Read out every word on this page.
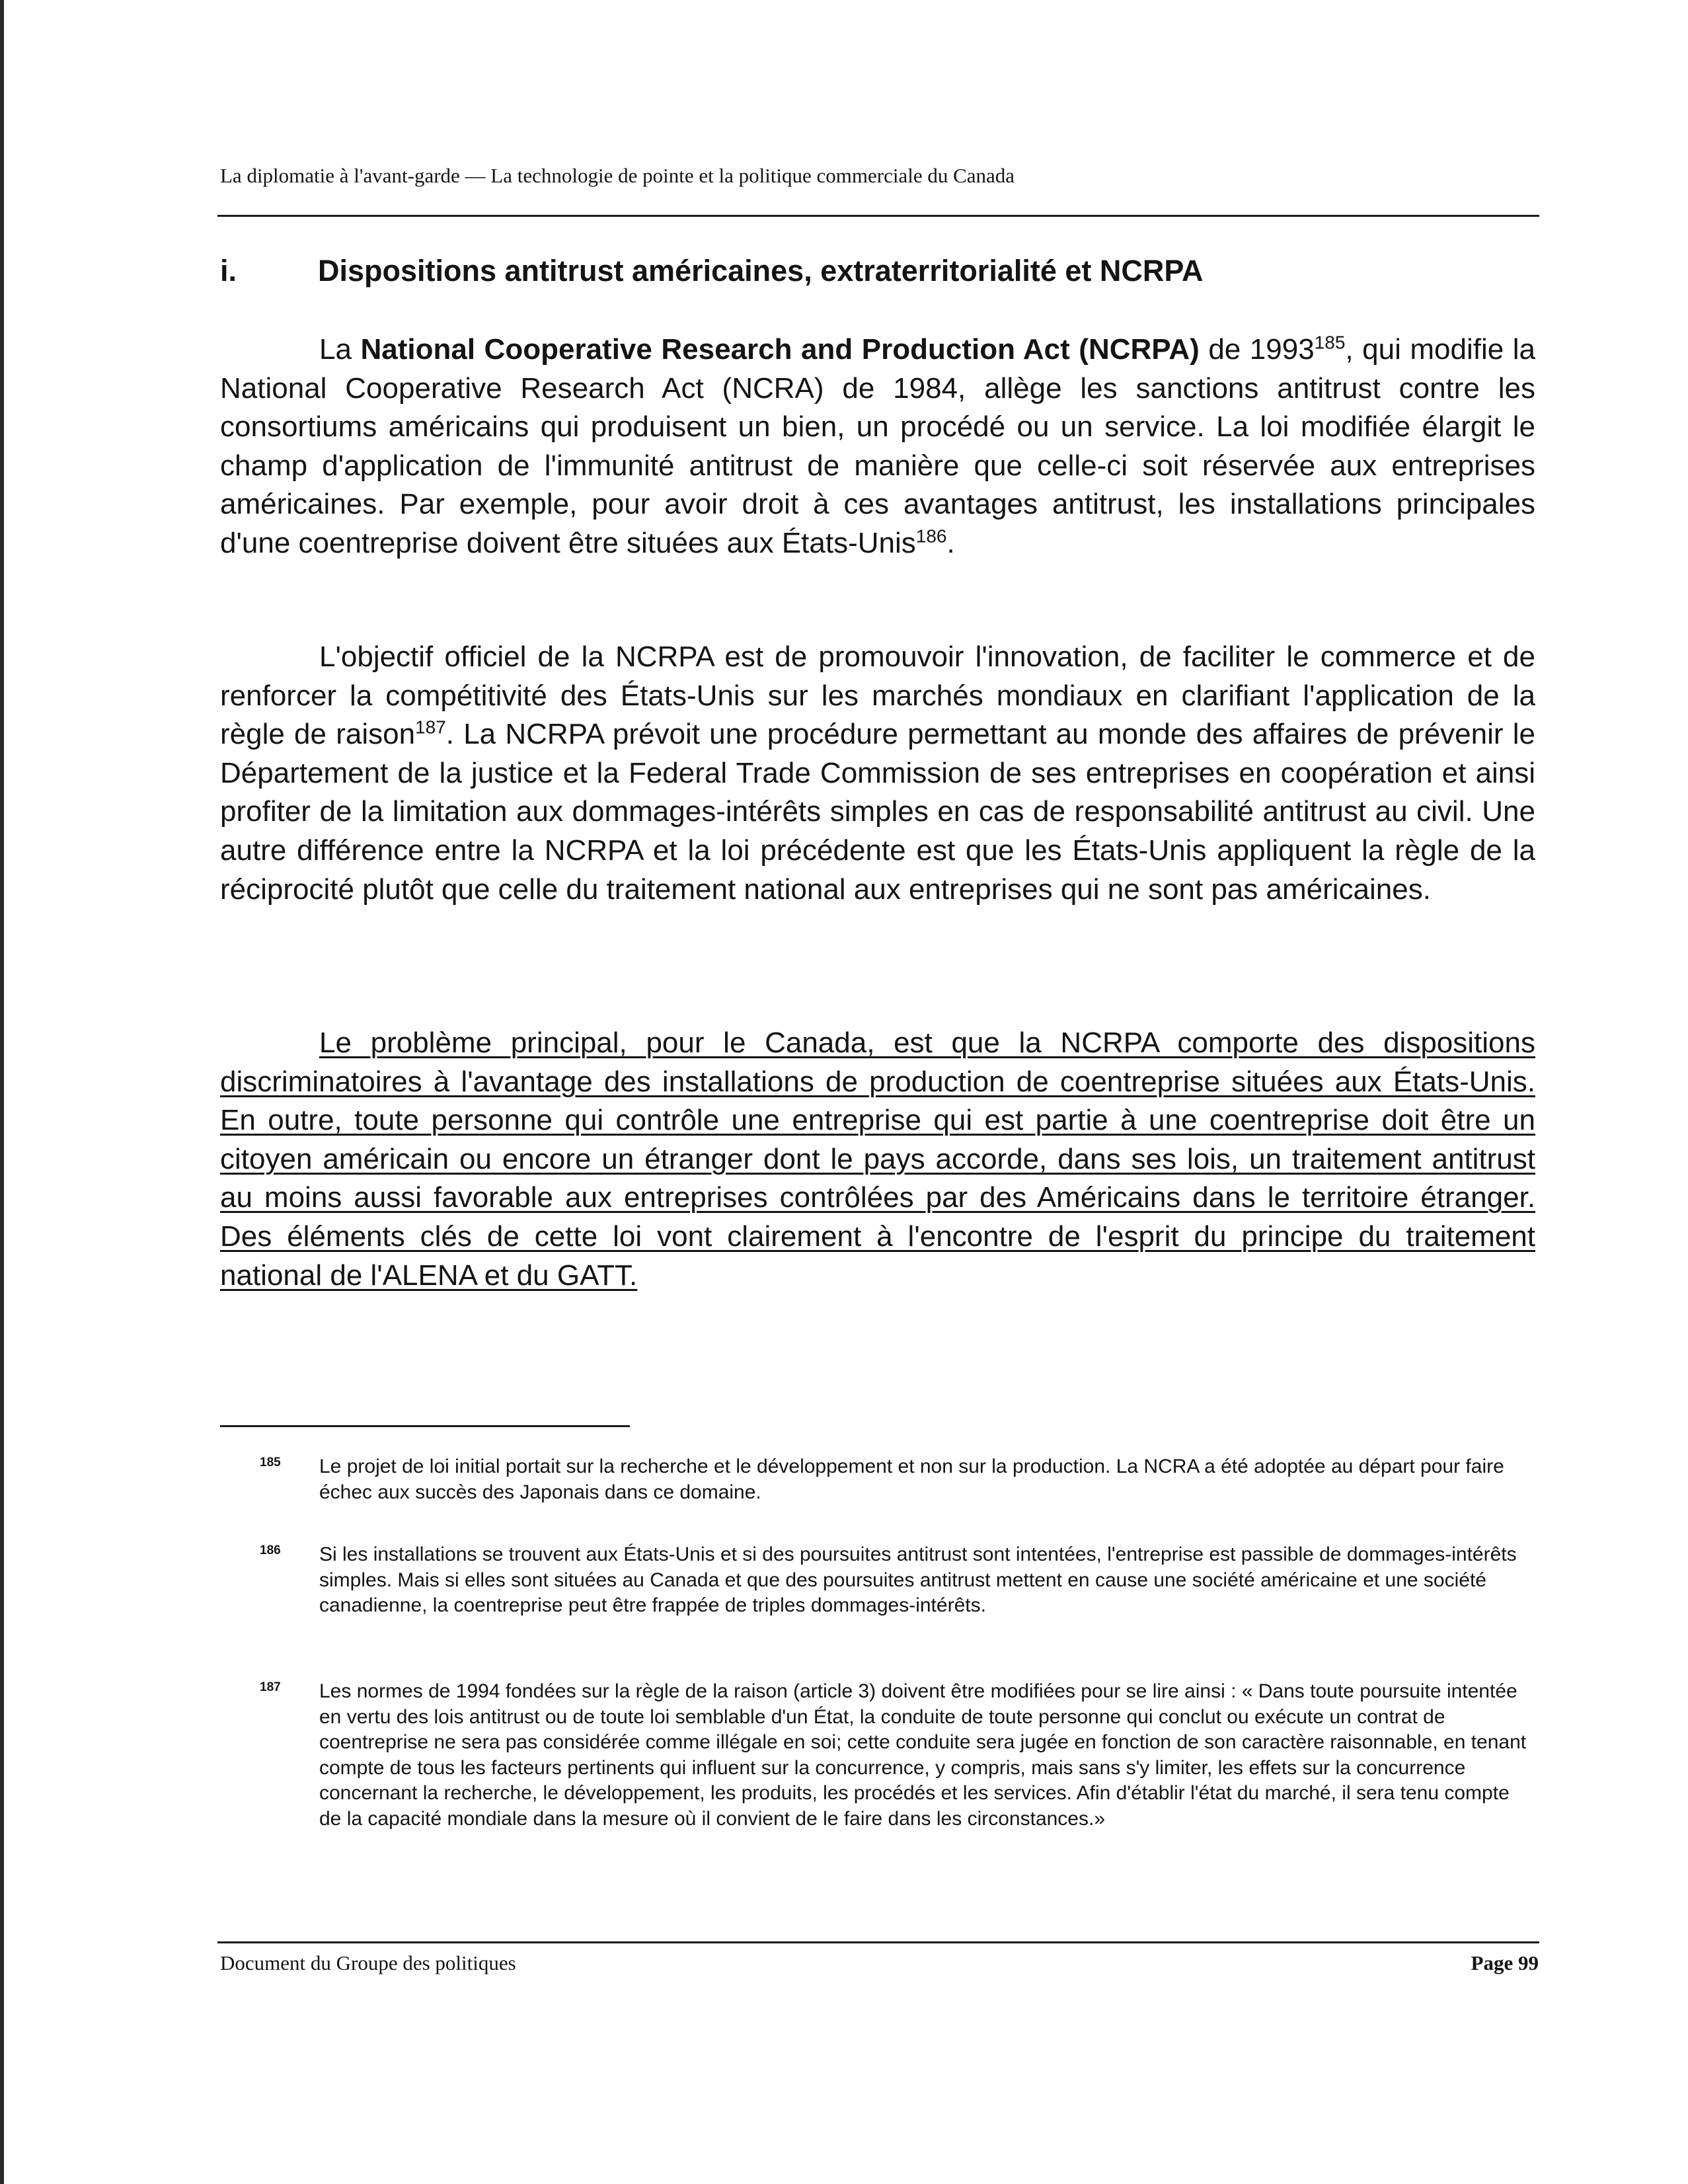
La diplomatie à l'avant-garde — La technologie de pointe et la politique commerciale du Canada
i.	Dispositions antitrust américaines, extraterritorialité et NCRPA

La National Cooperative Research and Production Act (NCRPA) de 1993$^{185}$, qui modifie la National Cooperative Research Act (NCRA) de 1984, allège les sanctions antitrust contre les consortiums américains qui produisent un bien, un procédé ou un service. La loi modifiée élargit le champ d'application de l'immunité antitrust de manière que celle-ci soit réservée aux entreprises américaines. Par exemple, pour avoir droit à ces avantages antitrust, les installations principales d'une coentreprise doivent être situées aux États-Unis$^{186}$.

L'objectif officiel de la NCRPA est de promouvoir l'innovation, de faciliter le commerce et de renforcer la compétitivité des États-Unis sur les marchés mondiaux en clarifiant l'application de la règle de raison$^{187}$. La NCRPA prévoit une procédure permettant au monde des affaires de prévenir le Département de la justice et la Federal Trade Commission de ses entreprises en coopération et ainsi profiter de la limitation aux dommages-intérêts simples en cas de responsabilité antitrust au civil. Une autre différence entre la NCRPA et la loi précédente est que les États-Unis appliquent la règle de la réciprocité plutôt que celle du traitement national aux entreprises qui ne sont pas américaines.

Le problème principal, pour le Canada, est que la NCRPA comporte des dispositions discriminatoires à l'avantage des installations de production de coentreprise situées aux États-Unis. En outre, toute personne qui contrôle une entreprise qui est partie à une coentreprise doit être un citoyen américain ou encore un étranger dont le pays accorde, dans ses lois, un traitement antitrust au moins aussi favorable aux entreprises contrôlées par des Américains dans le territoire étranger. Des éléments clés de cette loi vont clairement à l'encontre de l'esprit du principe du traitement national de l'ALENA et du GATT.

185 Le projet de loi initial portait sur la recherche et le développement et non sur la production. La NCRA a été adoptée au départ pour faire échec aux succès des Japonais dans ce domaine.
186 Si les installations se trouvent aux États-Unis et si des poursuites antitrust sont intentées, l'entreprise est passible de dommages-intérêts simples. Mais si elles sont situées au Canada et que des poursuites antitrust mettent en cause une société américaine et une société canadienne, la coentreprise peut être frappée de triples dommages-intérêts.
187 Les normes de 1994 fondées sur la règle de la raison (article 3) doivent être modifiées pour se lire ainsi : « Dans toute poursuite intentée en vertu des lois antitrust ou de toute loi semblable d'un État, la conduite de toute personne qui conclut ou exécute un contrat de coentreprise ne sera pas considérée comme illégale en soi; cette conduite sera jugée en fonction de son caractère raisonnable, en tenant compte de tous les facteurs pertinents qui influent sur la concurrence, y compris, mais sans s'y limiter, les effets sur la concurrence concernant la recherche, le développement, les produits, les procédés et les services. Afin d'établir l'état du marché, il sera tenu compte de la capacité mondiale dans la mesure où il convient de le faire dans les circonstances.»
Document du Groupe des politiques	Page 99
